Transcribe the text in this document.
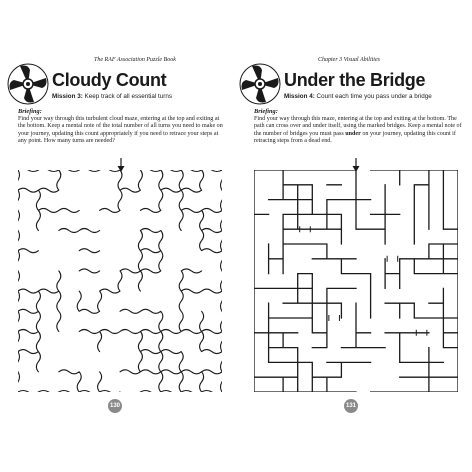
The RAF Association Puzzle Book
Cloudy Count
Mission 3: Keep track of all essential turns
Briefing:
Find your way through this turbulent cloud maze, entering at the top and exiting at the bottom. Keep a mental note of the total number of all turns you need to make on your journey, updating this count appropriately if you need to retrace your steps at any point. How many turns are needed?
130
Chapter 3 Visual Abilities
Under the Bridge
Mission 4: Count each time you pass under a bridge
Briefing:
Find your way through this maze, entering at the top and exiting at the bottom. The path can cross over and under itself, using the marked bridges. Keep a mental note of the number of bridges you must pass under on your journey, updating this count if retracing steps from a dead end.
131
